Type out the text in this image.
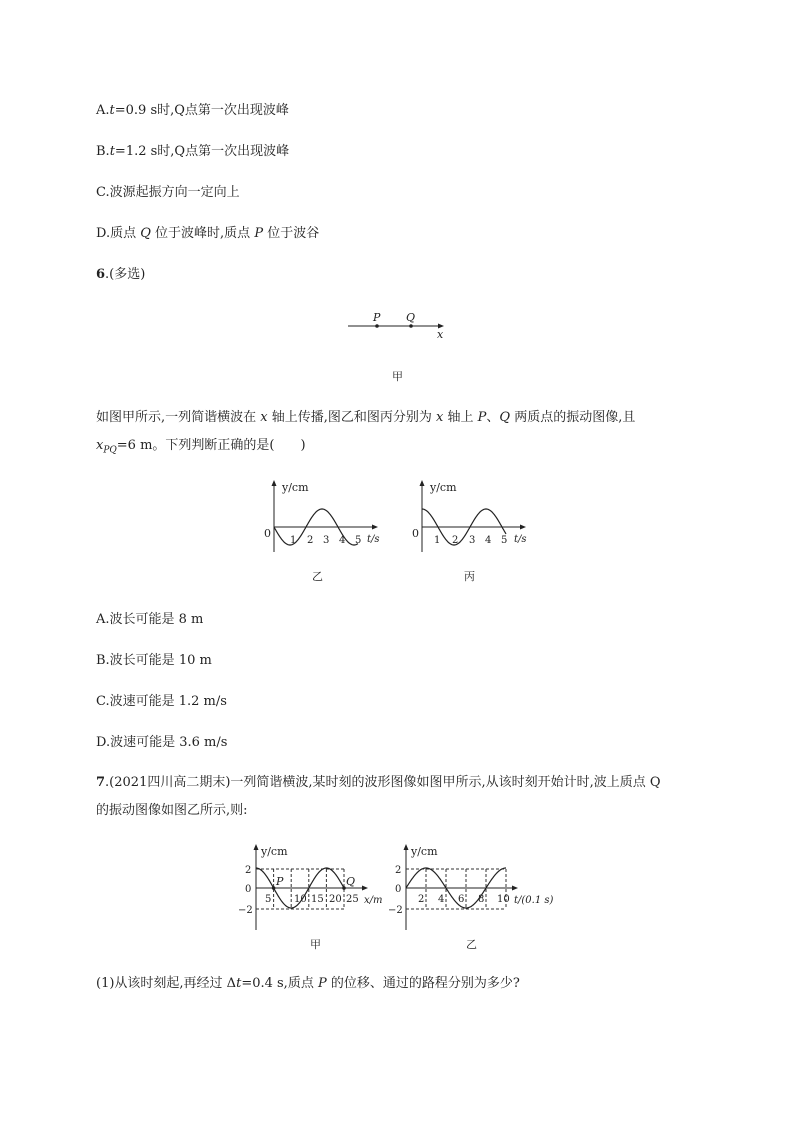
A.t=0.9 s时,Q点第一次出现波峰
B.t=1.2 s时,Q点第一次出现波峰
C.波源起振方向一定向上
D.质点 Q 位于波峰时,质点 P 位于波谷
6.(多选)
P Q
x
甲
如图甲所示,一列简谐横波在 x 轴上传播,图乙和图丙分别为 x 轴上 P、Q 两质点的振动图像,且
$x_{PQ}=6$ m。下列判断正确的是(　　)
y/cm
0
1 2 3 4 5 t/s
乙
y/cm
0
1 2 3 4 5 t/s
丙
A.波长可能是 8 m
B.波长可能是 10 m
C.波速可能是 1.2 m/s
D.波速可能是 3.6 m/s
7.(2021四川高二期末)一列简谐横波,某时刻的波形图像如图甲所示,从该时刻开始计时,波上质点 Q
的振动图像如图乙所示,则:
y/cm
2
0
−2
P	Q
5 10 15 20 25 x/m
甲
y/cm
2
0
−2
2 4 6 8 10 t/(0.1 s)
乙
(1)从该时刻起,再经过 Δt=0.4 s,质点 P 的位移、通过的路程分别为多少?
